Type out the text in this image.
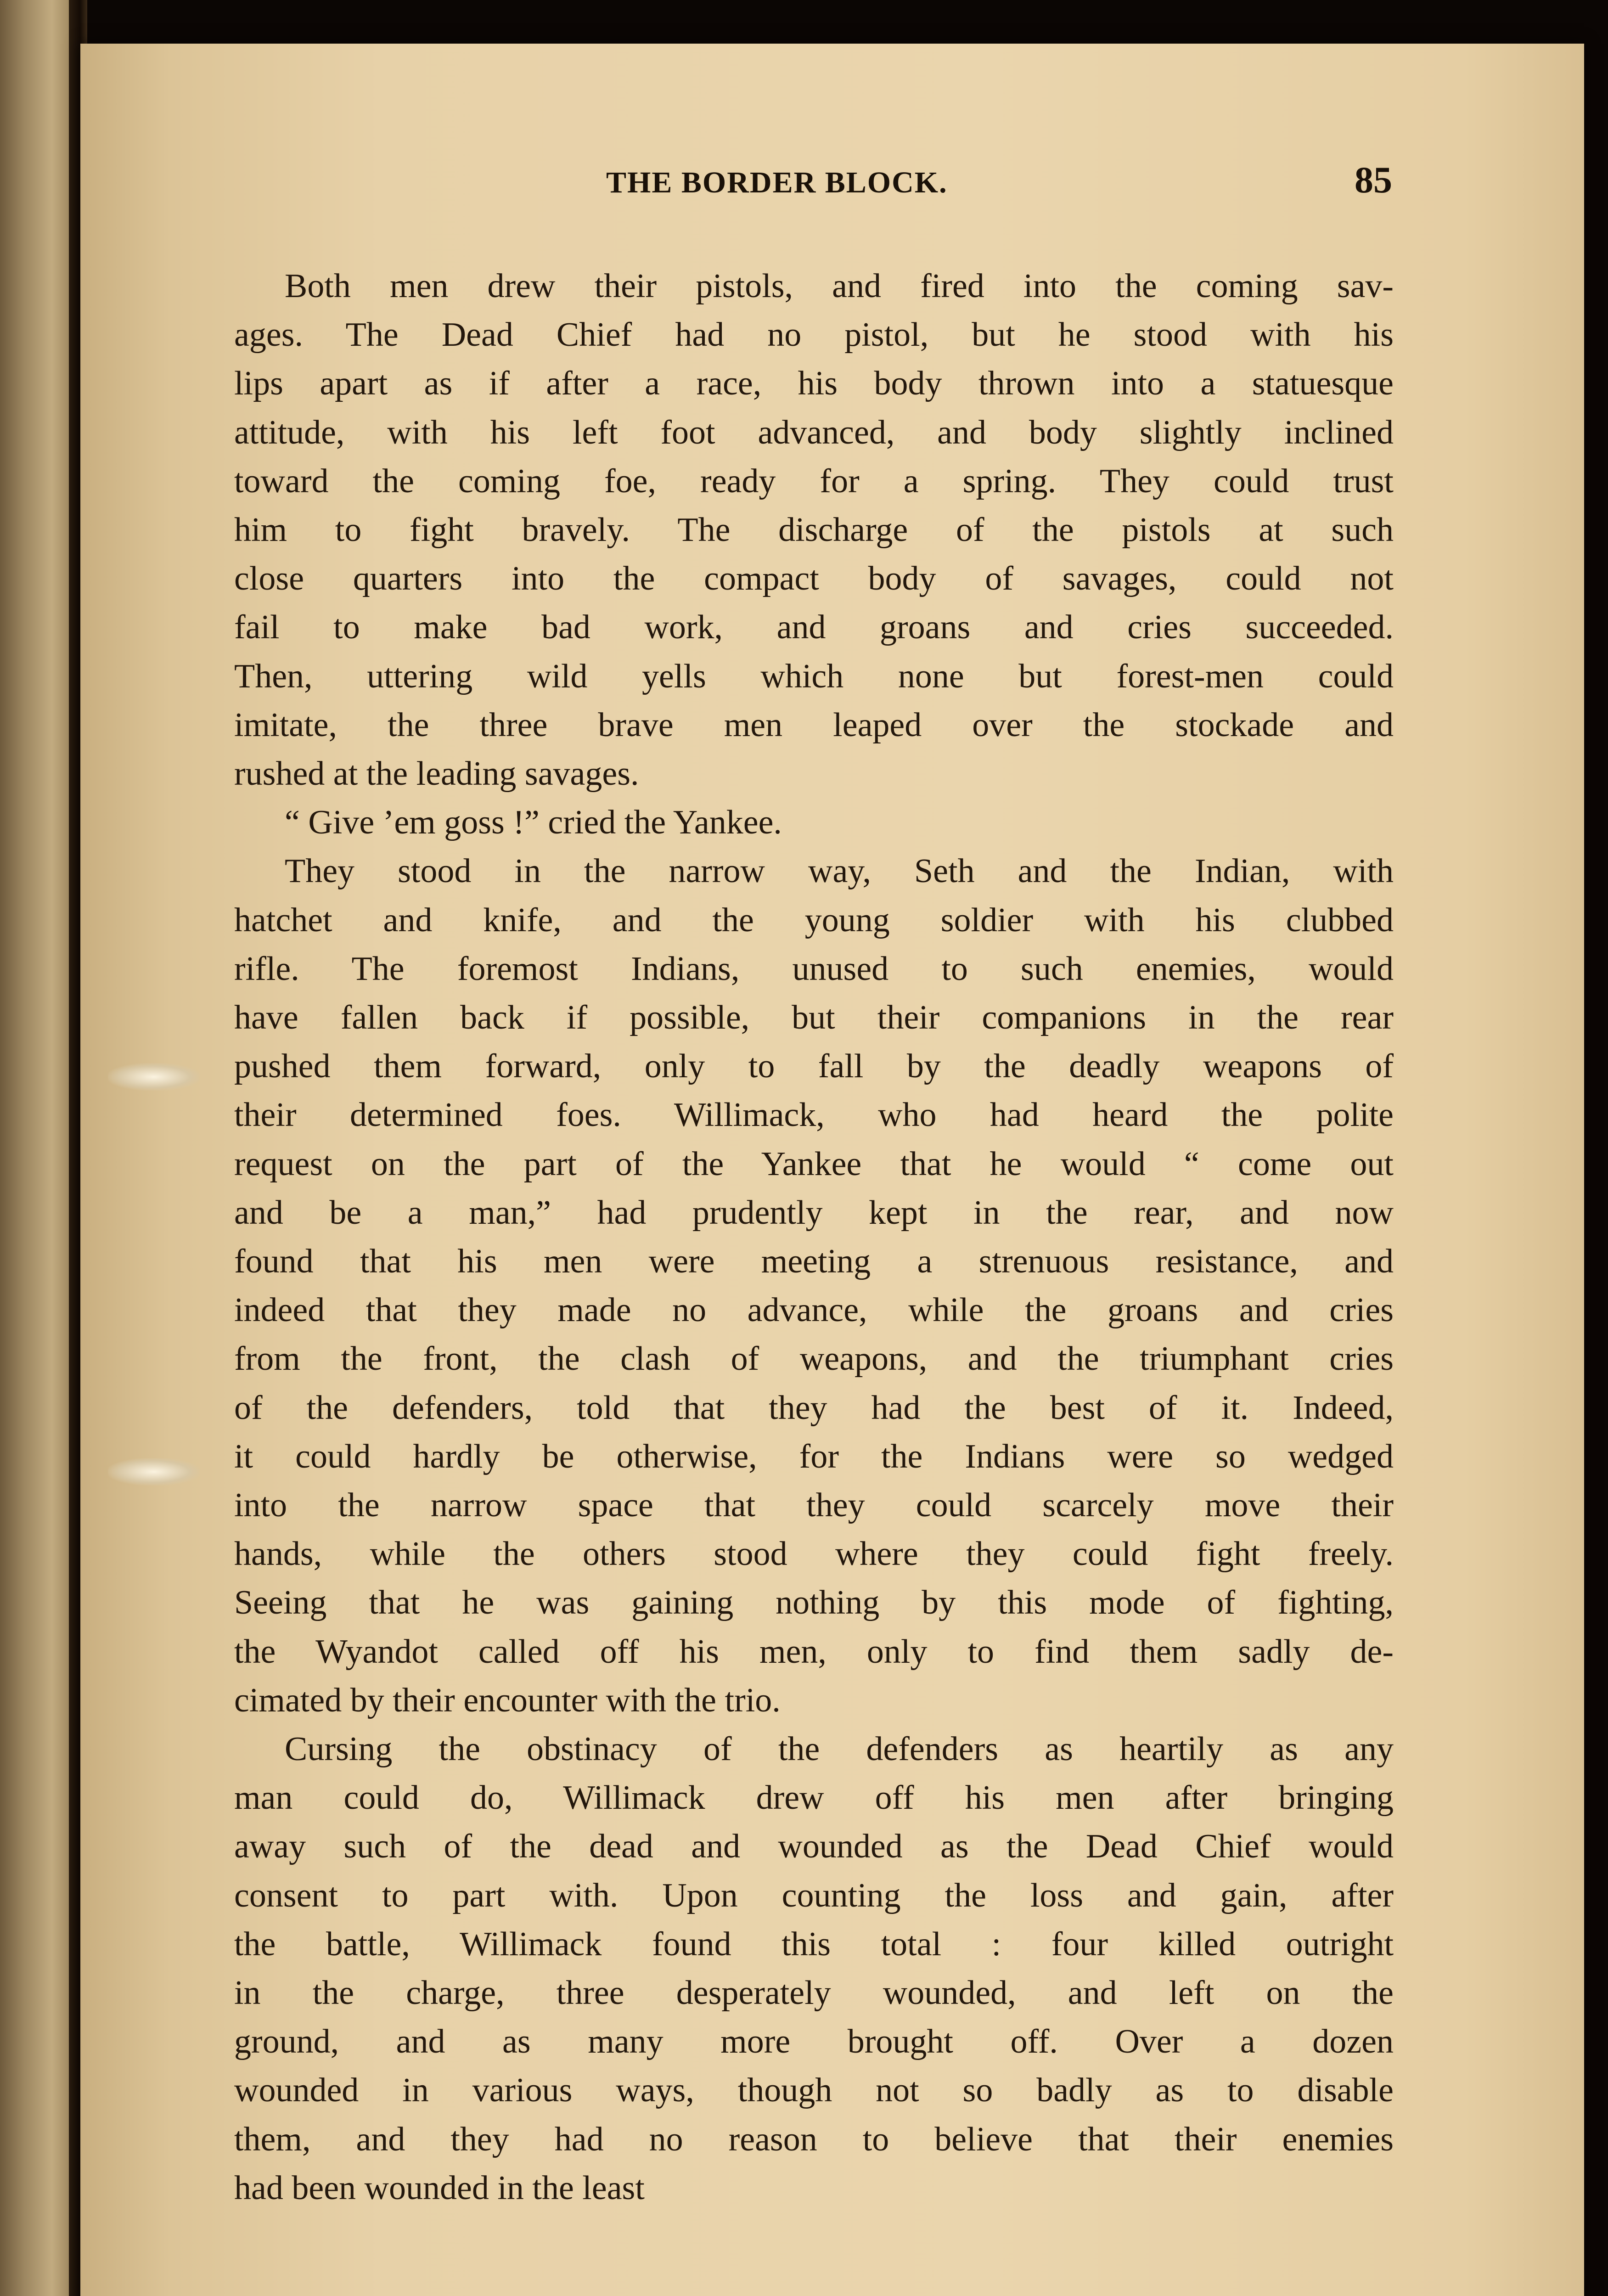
THE BORDER BLOCK.	85
Both men drew their pistols, and fired into the coming sav-
ages. The Dead Chief had no pistol, but he stood with his
lips apart as if after a race, his body thrown into a statuesque
attitude, with his left foot advanced, and body slightly inclined
toward the coming foe, ready for a spring. They could trust
him to fight bravely. The discharge of the pistols at such
close quarters into the compact body of savages, could not
fail to make bad work, and groans and cries succeeded.
Then, uttering wild yells which none but forest-men could
imitate, the three brave men leaped over the stockade and
rushed at the leading savages.
“ Give ’em goss !” cried the Yankee.
They stood in the narrow way, Seth and the Indian, with
hatchet and knife, and the young soldier with his clubbed
rifle. The foremost Indians, unused to such enemies, would
have fallen back if possible, but their companions in the rear
pushed them forward, only to fall by the deadly weapons of
their determined foes. Willimack, who had heard the polite
request on the part of the Yankee that he would “ come out
and be a man,” had prudently kept in the rear, and now
found that his men were meeting a strenuous resistance, and
indeed that they made no advance, while the groans and cries
from the front, the clash of weapons, and the triumphant cries
of the defenders, told that they had the best of it. Indeed,
it could hardly be otherwise, for the Indians were so wedged
into the narrow space that they could scarcely move their
hands, while the others stood where they could fight freely.
Seeing that he was gaining nothing by this mode of fighting,
the Wyandot called off his men, only to find them sadly de-
cimated by their encounter with the trio.
Cursing the obstinacy of the defenders as heartily as any
man could do, Willimack drew off his men after bringing
away such of the dead and wounded as the Dead Chief would
consent to part with. Upon counting the loss and gain, after
the battle, Willimack found this total : four killed outright
in the charge, three desperately wounded, and left on the
ground, and as many more brought off. Over a dozen
wounded in various ways, though not so badly as to disable
them, and they had no reason to believe that their enemies
had been wounded in the least
